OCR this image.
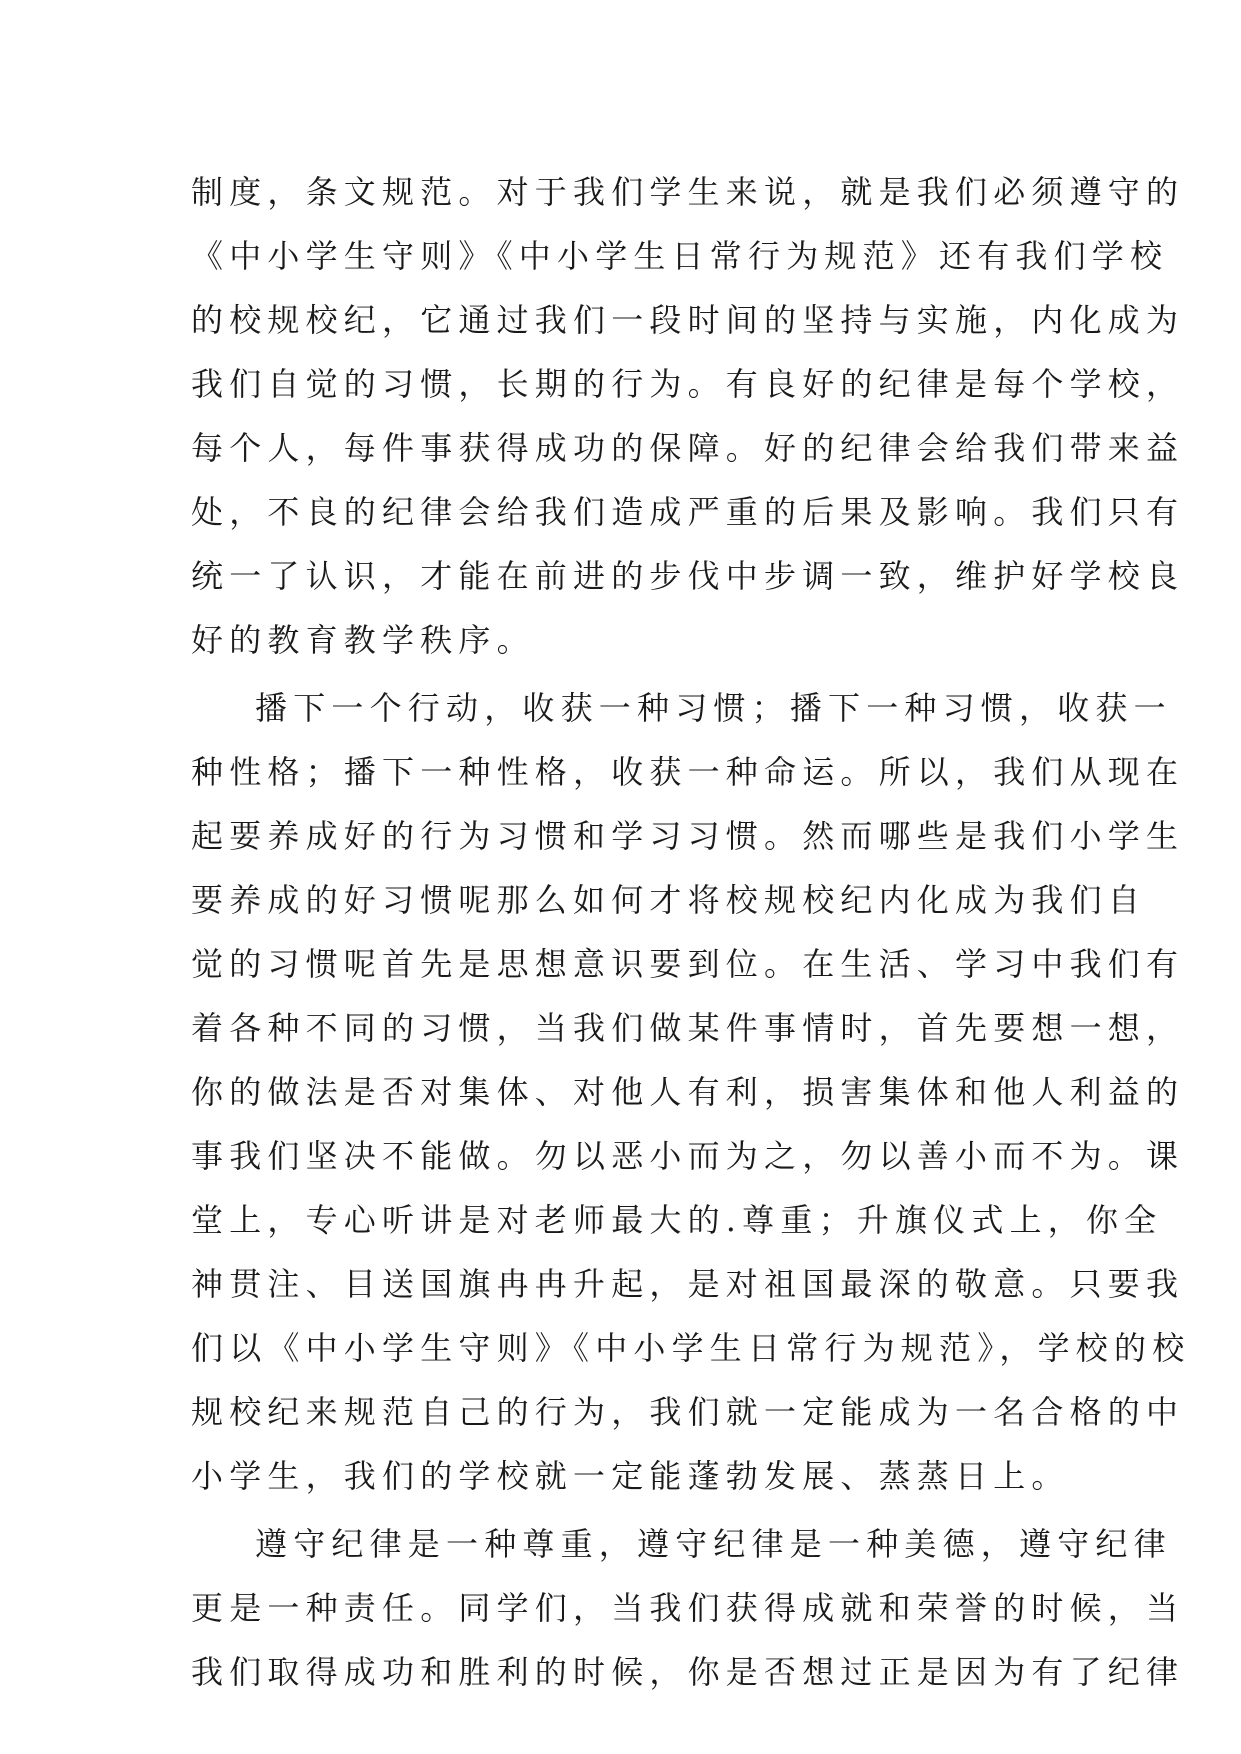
制度，条文规范。对于我们学生来说，就是我们必须遵守的
《中小学生守则》《中小学生日常行为规范》还有我们学校
的校规校纪，它通过我们一段时间的坚持与实施，内化成为
我们自觉的习惯，长期的行为。有良好的纪律是每个学校，
每个人，每件事获得成功的保障。好的纪律会给我们带来益
处，不良的纪律会给我们造成严重的后果及影响。我们只有
统一了认识，才能在前进的步伐中步调一致，维护好学校良
好的教育教学秩序。
播下一个行动，收获一种习惯；播下一种习惯，收获一
种性格；播下一种性格，收获一种命运。所以，我们从现在
起要养成好的行为习惯和学习习惯。然而哪些是我们小学生
要养成的好习惯呢那么如何才将校规校纪内化成为我们自
觉的习惯呢首先是思想意识要到位。在生活、学习中我们有
着各种不同的习惯，当我们做某件事情时，首先要想一想，
你的做法是否对集体、对他人有利，损害集体和他人利益的
事我们坚决不能做。勿以恶小而为之，勿以善小而不为。课
堂上，专心听讲是对老师最大的.尊重；升旗仪式上，你全
神贯注、目送国旗冉冉升起，是对祖国最深的敬意。只要我
们以《中小学生守则》《中小学生日常行为规范》，学校的校
规校纪来规范自己的行为，我们就一定能成为一名合格的中
小学生，我们的学校就一定能蓬勃发展、蒸蒸日上。
遵守纪律是一种尊重，遵守纪律是一种美德，遵守纪律
更是一种责任。同学们，当我们获得成就和荣誉的时候，当
我们取得成功和胜利的时候，你是否想过正是因为有了纪律
